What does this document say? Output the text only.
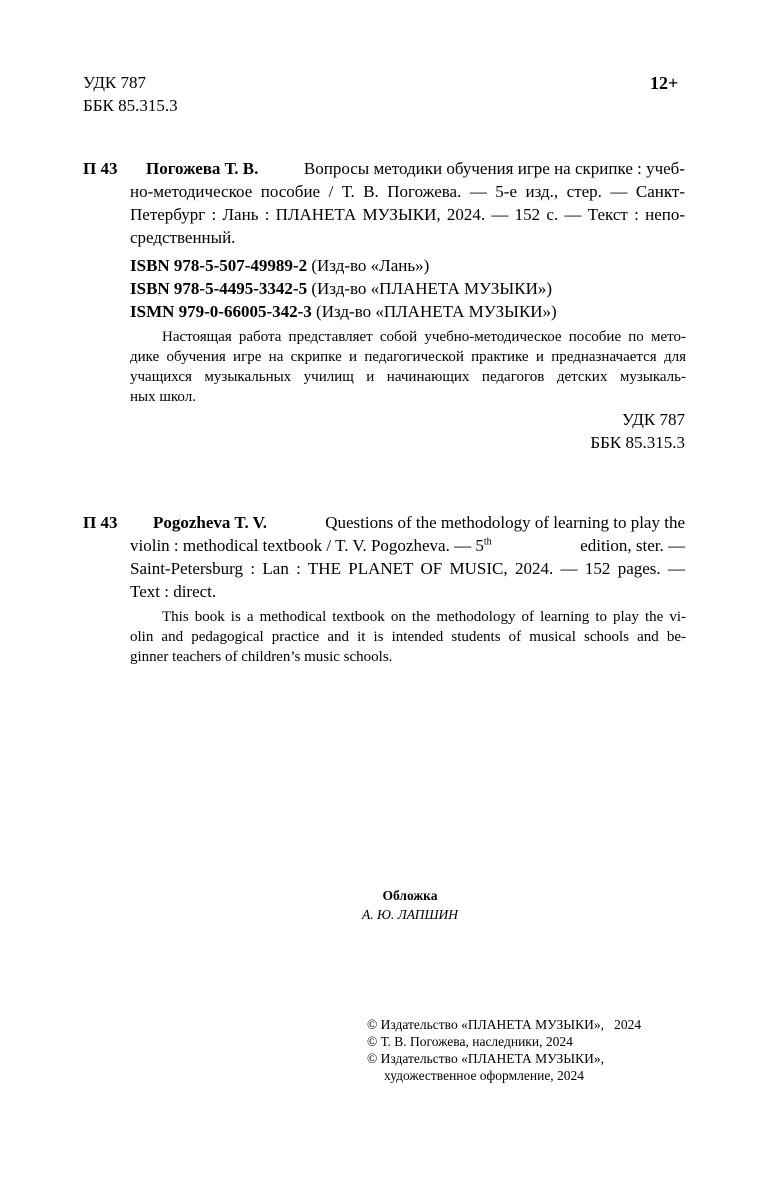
УДК 787
ББК 85.315.3
12+
П 43 Погожева Т. В.	Вопросы методики обучения игре на скрипке : учеб-
но-методическое пособие / Т. В. Погожева. — 5-е изд., стер. — Санкт-
Петербург : Лань : ПЛАНЕТА МУЗЫКИ, 2024. — 152 с. — Текст : непо-
средственный.
ISBN 978-5-507-49989-2 (Изд-во «Лань»)
ISBN 978-5-4495-3342-5 (Изд-во «ПЛАНЕТА МУЗЫКИ»)
ISMN 979-0-66005-342-3 (Изд-во «ПЛАНЕТА МУЗЫКИ»)
Настоящая работа представляет собой учебно-методическое пособие по мето-
дике обучения игре на скрипке и педагогической практике и предназначается для
учащихся музыкальных училищ и начинающих педагогов детских музыкаль-
ных школ.
УДК 787
ББК 85.315.3
П 43 Pogozheva T. V.	Questions of the methodology of learning to play the
violin : methodical textbook / T. V. Pogozheva. — 5th	edition, ster. —
Saint-Petersburg : Lan : THE PLANET OF MUSIC, 2024. — 152 pages. —
Text : direct.
This book is a methodical textbook on the methodology of learning to play the vi-
olin and pedagogical practice and it is intended students of musical schools and be-
ginner teachers of children’s music schools.
Обложка
А. Ю. ЛАПШИН
© Издательство «ПЛАНЕТА МУЗЫКИ»,   2024
© Т. В. Погожева, наследники, 2024
© Издательство «ПЛАНЕТА МУЗЫКИ»,
художественное оформление, 2024
